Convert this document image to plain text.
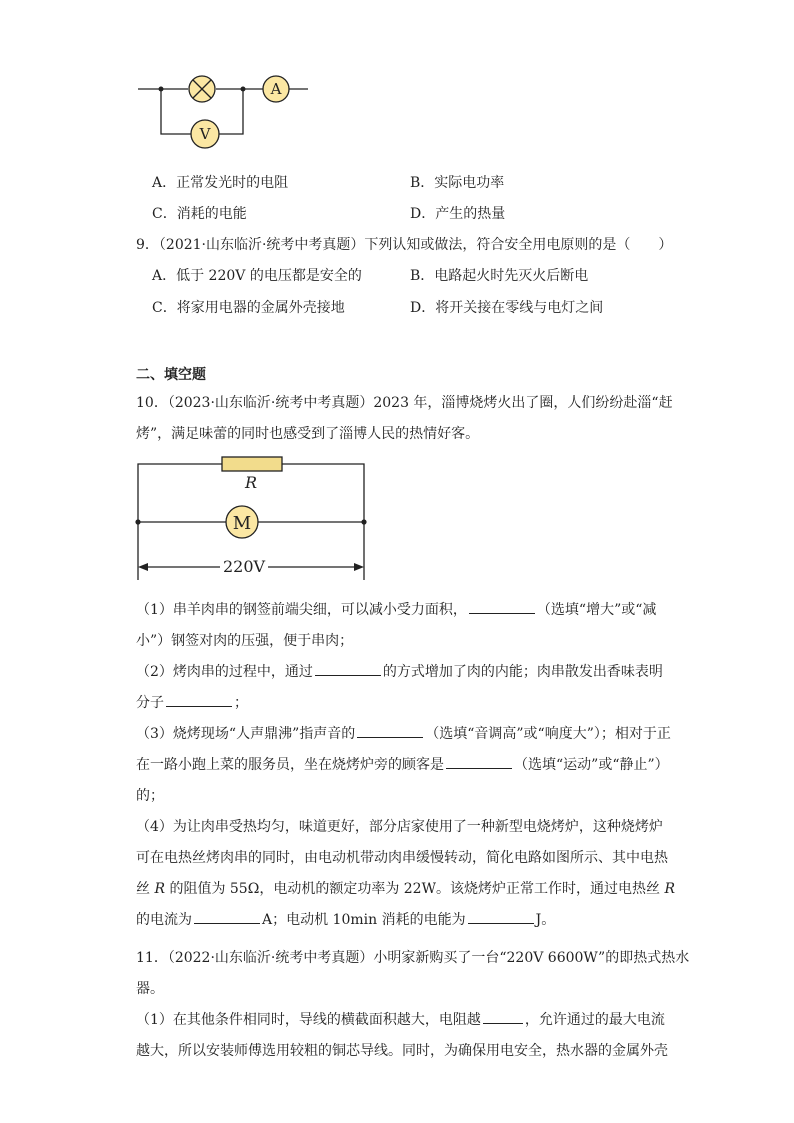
A
V
A．正常发光时的电阻	B．实际电功率
C．消耗的电能	D．产生的热量
9．（2021·山东临沂·统考中考真题）下列认知或做法，符合安全用电原则的是（　　）
A．低于 220V 的电压都是安全的	B．电路起火时先灭火后断电
C．将家用电器的金属外壳接地	D．将开关接在零线与电灯之间
二、填空题
10．（2023·山东临沂·统考中考真题）2023 年，淄博烧烤火出了圈，人们纷纷赴淄“赶
烤”，满足味蕾的同时也感受到了淄博人民的热情好客。
R
M
220V
（1）串羊肉串的钢签前端尖细，可以减小受力面积，	（选填“增大”或“减
小”）钢签对肉的压强，便于串肉；
（2）烤肉串的过程中，通过	的方式增加了肉的内能；肉串散发出香味表明
分子	；
（3）烧烤现场“人声鼎沸”指声音的	（选填“音调高”或“响度大”）；相对于正
在一路小跑上菜的服务员，坐在烧烤炉旁的顾客是	（选填“运动”或“静止”）
的；
（4）为让肉串受热均匀，味道更好，部分店家使用了一种新型电烧烤炉，这种烧烤炉
可在电热丝烤肉串的同时，由电动机带动肉串缓慢转动，简化电路如图所示、其中电热
丝 R 的阻值为 55Ω，电动机的额定功率为 22W。该烧烤炉正常工作时，通过电热丝 R
的电流为	A；电动机 10min 消耗的电能为	J。
11．（2022·山东临沂·统考中考真题）小明家新购买了一台“220V 6600W”的即热式热水
器。
（1）在其他条件相同时，导线的横截面积越大，电阻越	，允许通过的最大电流
越大，所以安装师傅选用较粗的铜芯导线。同时，为确保用电安全，热水器的金属外壳
